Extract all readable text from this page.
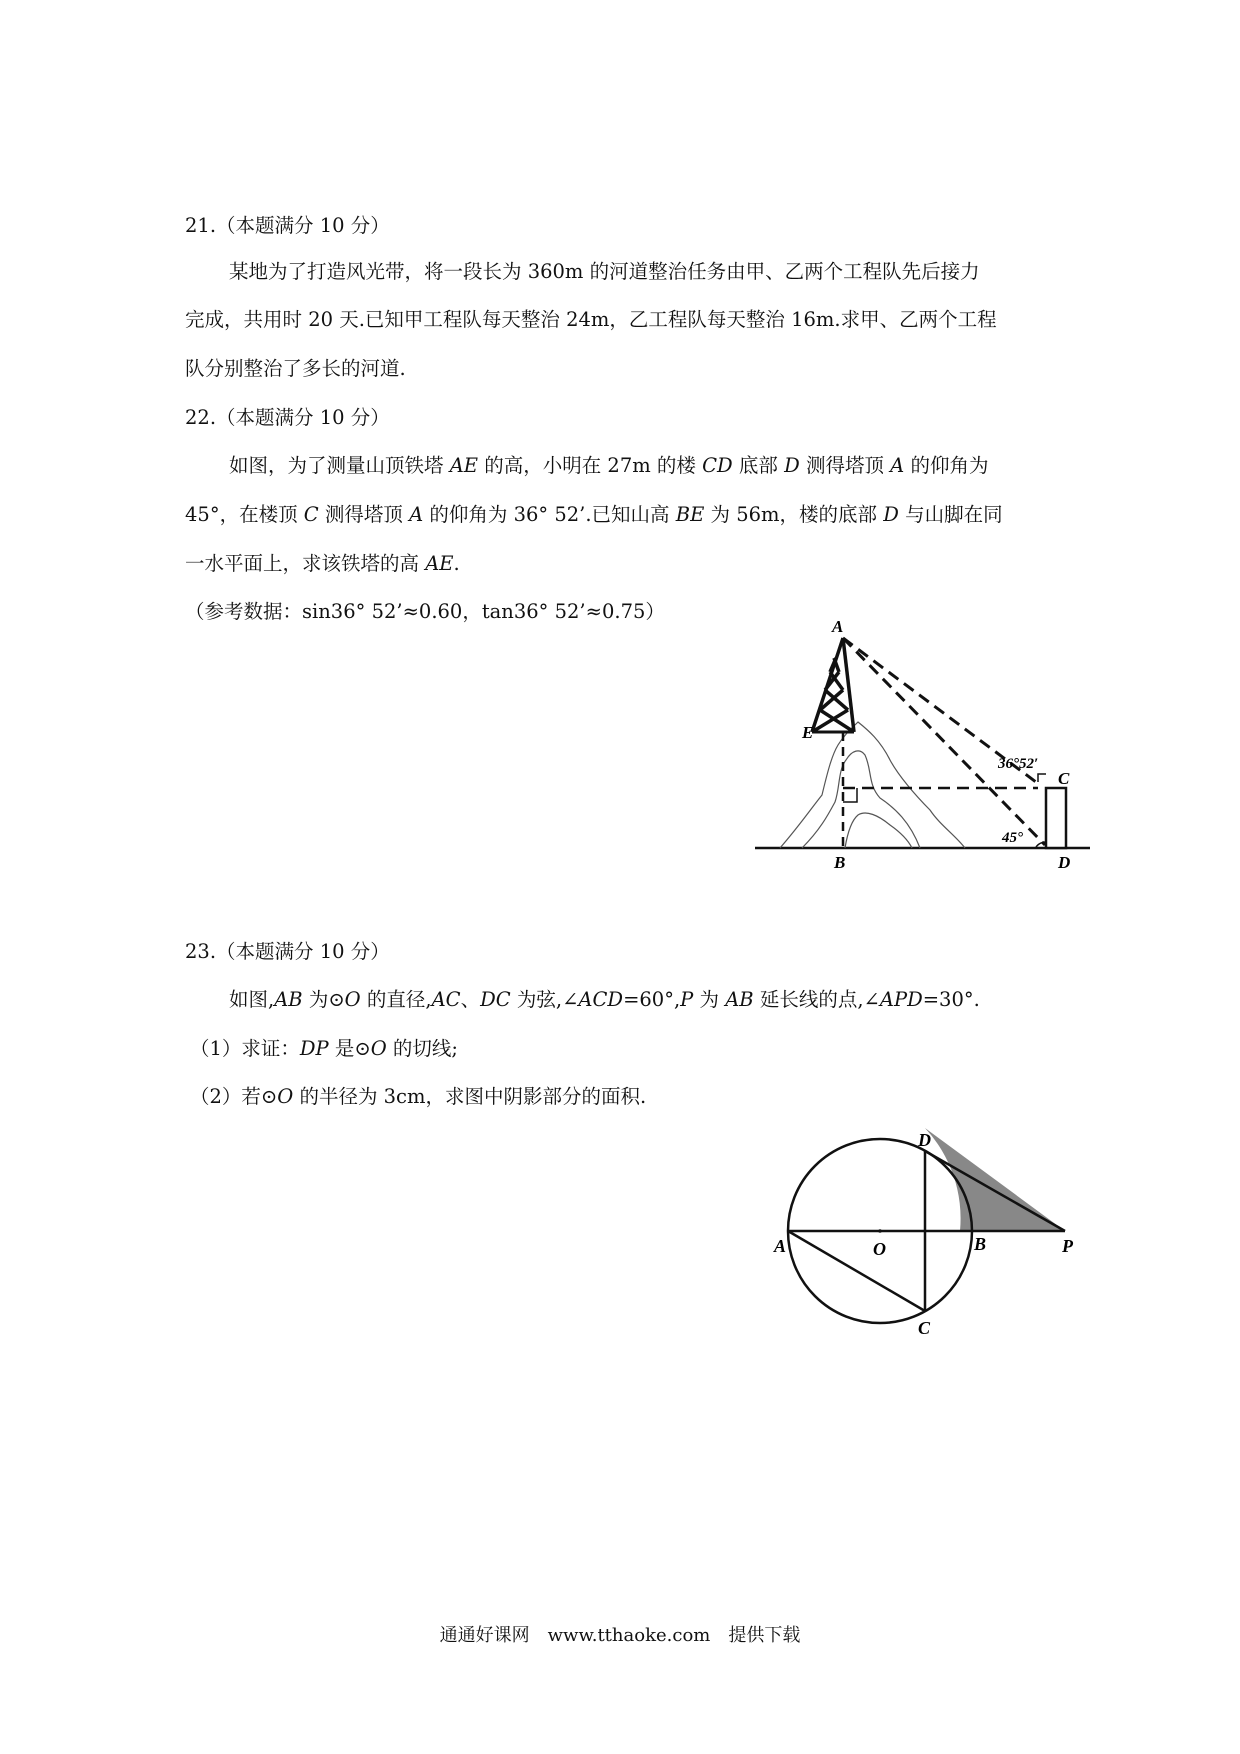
21.（本题满分 10 分）
某地为了打造风光带，将一段长为 360m 的河道整治任务由甲、乙两个工程队先后接力
完成，共用时 20 天.已知甲工程队每天整治 24m，乙工程队每天整治 16m.求甲、乙两个工程
队分别整治了多长的河道.
22.（本题满分 10 分）
如图，为了测量山顶铁塔 AE 的高，小明在 27m 的楼 CD 底部 D 测得塔顶 A 的仰角为
45°，在楼顶 C 测得塔顶 A 的仰角为 36° 52’.已知山高 BE 为 56m，楼的底部 D 与山脚在同
一水平面上，求该铁塔的高 AE.
（参考数据：sin36° 52’≈0.60，tan36° 52’≈0.75）
A
E
B
C
D
36°52′
45°
23.（本题满分 10 分）
如图,AB 为⊙O 的直径,AC、DC 为弦,∠ACD=60°,P 为 AB 延长线的点,∠APD=30°.
（1）求证：DP 是⊙O 的切线;
（2）若⊙O 的半径为 3cm，求图中阴影部分的面积.
A	O	B	P
D
C
通通好课网　www.tthaoke.com　提供下载
